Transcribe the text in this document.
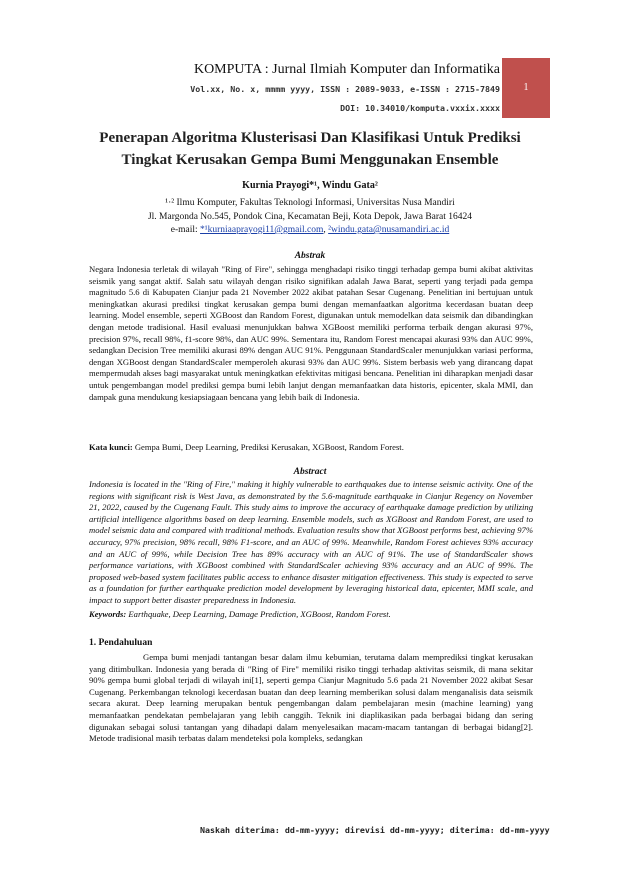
KOMPUTA : Jurnal Ilmiah Komputer dan Informatika
Vol.xx, No. x, mmmm yyyy, ISSN : 2089-9033, e-ISSN : 2715-7849
DOI: 10.34010/komputa.vxxix.xxxx
1
Penerapan Algoritma Klusterisasi Dan Klasifikasi Untuk Prediksi
Tingkat Kerusakan Gempa Bumi Menggunakan Ensemble
Kurnia Prayogi*¹, Windu Gata²
¹·² Ilmu Komputer, Fakultas Teknologi Informasi, Universitas Nusa Mandiri
Jl. Margonda No.545, Pondok Cina, Kecamatan Beji, Kota Depok, Jawa Barat 16424
e-mail: *¹kurniaaprayogi11@gmail.com, ²windu.gata@nusamandiri.ac.id
Abstrak

Negara Indonesia terletak di wilayah "Ring of Fire", sehingga menghadapi risiko tinggi terhadap gempa bumi akibat aktivitas seismik yang sangat aktif. Salah satu wilayah dengan risiko signifikan adalah Jawa Barat, seperti yang terjadi pada gempa magnitudo 5.6 di Kabupaten Cianjur pada 21 November 2022 akibat patahan Sesar Cugenang. Penelitian ini bertujuan untuk meningkatkan akurasi prediksi tingkat kerusakan gempa bumi dengan memanfaatkan algoritma kecerdasan buatan deep learning. Model ensemble, seperti XGBoost dan Random Forest, digunakan untuk memodelkan data seismik dan dibandingkan dengan metode tradisional. Hasil evaluasi menunjukkan bahwa XGBoost memiliki performa terbaik dengan akurasi 97%, precision 97%, recall 98%, f1-score 98%, dan AUC 99%. Sementara itu, Random Forest mencapai akurasi 93% dan AUC 99%, sedangkan Decision Tree memiliki akurasi 89% dengan AUC 91%. Penggunaan StandardScaler menunjukkan variasi performa, dengan XGBoost dengan StandardScaler memperoleh akurasi 93% dan AUC 99%. Sistem berbasis web yang dirancang dapat mempermudah akses bagi masyarakat untuk meningkatkan efektivitas mitigasi bencana. Penelitian ini diharapkan menjadi dasar untuk pengembangan model prediksi gempa bumi lebih lanjut dengan memanfaatkan data historis, epicenter, skala MMI, dan dampak guna mendukung kesiapsiagaan bencana yang lebih baik di Indonesia.

Kata kunci: Gempa Bumi, Deep Learning, Prediksi Kerusakan, XGBoost, Random Forest.
Abstract

Indonesia is located in the "Ring of Fire," making it highly vulnerable to earthquakes due to intense seismic activity. One of the regions with significant risk is West Java, as demonstrated by the 5.6-magnitude earthquake in Cianjur Regency on November 21, 2022, caused by the Cugenang Fault. This study aims to improve the accuracy of earthquake damage prediction by utilizing artificial intelligence algorithms based on deep learning. Ensemble models, such as XGBoost and Random Forest, are used to model seismic data and compared with traditional methods. Evaluation results show that XGBoost performs best, achieving 97% accuracy, 97% precision, 98% recall, 98% F1-score, and an AUC of 99%. Meanwhile, Random Forest achieves 93% accuracy and an AUC of 99%, while Decision Tree has 89% accuracy with an AUC of 91%. The use of StandardScaler shows performance variations, with XGBoost combined with StandardScaler achieving 93% accuracy and an AUC of 99%. The proposed web-based system facilitates public access to enhance disaster mitigation effectiveness. This study is expected to serve as a foundation for further earthquake prediction model development by leveraging historical data, epicenter, MMI scale, and impact to support better disaster preparedness in Indonesia.

Keywords: Earthquake, Deep Learning, Damage Prediction, XGBoost, Random Forest.
1. Pendahuluan

Gempa bumi menjadi tantangan besar dalam ilmu kebumian, terutama dalam memprediksi tingkat kerusakan yang ditimbulkan. Indonesia yang berada di "Ring of Fire" memiliki risiko tinggi terhadap aktivitas seismik, di mana sekitar 90% gempa bumi global terjadi di wilayah ini[1], seperti gempa Cianjur Magnitudo 5.6 pada 21 November 2022 akibat Sesar Cugenang. Perkembangan teknologi kecerdasan buatan dan deep learning memberikan solusi dalam menganalisis data seismik secara akurat. Deep learning merupakan bentuk pengembangan dalam pembelajaran mesin (machine learning) yang memanfaatkan pendekatan pembelajaran yang lebih canggih. Teknik ini diaplikasikan pada berbagai bidang dan sering digunakan sebagai solusi tantangan yang dihadapi dalam menyelesaikan macam-macam tantangan di berbagai bidang[2]. Metode tradisional masih terbatas dalam mendeteksi pola kompleks, sedangkan

Naskah diterima: dd-mm-yyyy; direvisi dd-mm-yyyy; diterima: dd-mm-yyyy
